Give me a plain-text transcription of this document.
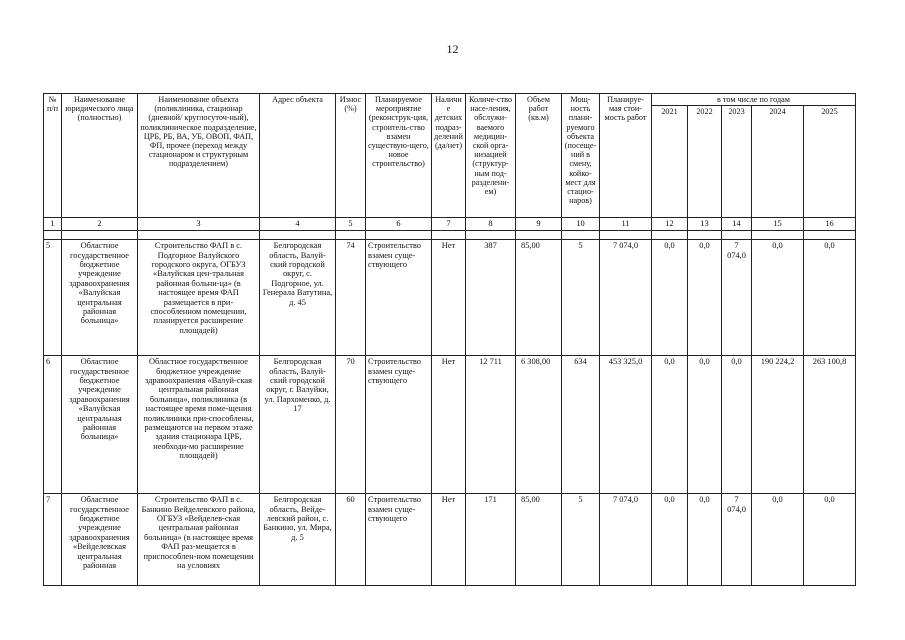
12
№ п/п	Наименование юридического лица (полностью)	Наименование объекта (поликлиника, стационар (дневной/ круглосуточ-ный), поликлиническое подразделение, ЦРБ, РБ, ВА, УБ, ОВОП, ФАП, ФП, прочее (переход между стационаром и структурным подразделением)	Адрес объекта	Износ (%)	Планируемое мероприятие (реконструк-ция, строитель-ство взамен существую-щего, новое строительство)	Наличие детских подраз-делений (да/нет)	Количе-ство насе-ления, обслужи-ваемого медицин-ской орга-низацией (структур-ным под-разделени-ем)	Объем работ (кв.м)	Мощ-ность плани-руемого объекта (посеще-ний в смену, койко-мест для стацио-наров)	Планируе-мая стои-мость работ	в том числе по годам				
											2021	2022	2023	2024	2025
1	2	3	4	5	6	7	8	9	10	11	12	13	14	15	16

5	Областное государственное бюджетное учреждение здравоохранения «Валуйская центральная районная больница»	Строительство ФАП в с. Подгорное Валуйского городского округа, ОГБУЗ «Валуйская цен-тральная районная больни-ца» (в настоящее время ФАП размещается в при-способленном помещении, планируется расширение площадей)	Белгородская область, Валуй-ский городской округ, с. Подгорное, ул. Генерала Ватутина, д. 45	74	Строительство взамен суще-ствующего	Нет	387	85,00	5	7 074,0	0,0	0,0	7 074,0	0,0	0,0
6	Областное государственное бюджетное учреждение здравоохранения «Валуйская центральная районная больница»	Областное государственное бюджетное учреждение здравоохранения «Валуй-ская центральная районная больница», поликлиника (в настоящее время поме-щения поликлиники при-способлены, размещаются на первом этаже здания стационара ЦРБ, необходи-мо расширение площадей)	Белгородская область, Валуй-ский городской округ, г. Валуйки, ул. Пархоменко, д. 17	70	Строительство взамен суще-ствующего	Нет	12 711	6 308,00	634	453 325,0	0,0	0,0	0,0	190 224,2	263 100,8
7	Областное государственное бюджетное учреждение здравоохранения «Вейделевская центральная районная	Строительство ФАП в с. Банкино Вейделевского района, ОГБУЗ «Вейделев-ская центральная районная больница» (в настоящее время ФАП раз-мещается в приспособлен-ном помещении на условиях	Белгородская область, Вейде-левский район, с. Банкино, ул. Мира, д. 5	60	Строительство взамен суще-ствующего	Нет	171	85,00	5	7 074,0	0,0	0,0	7 074,0	0,0	0,0
